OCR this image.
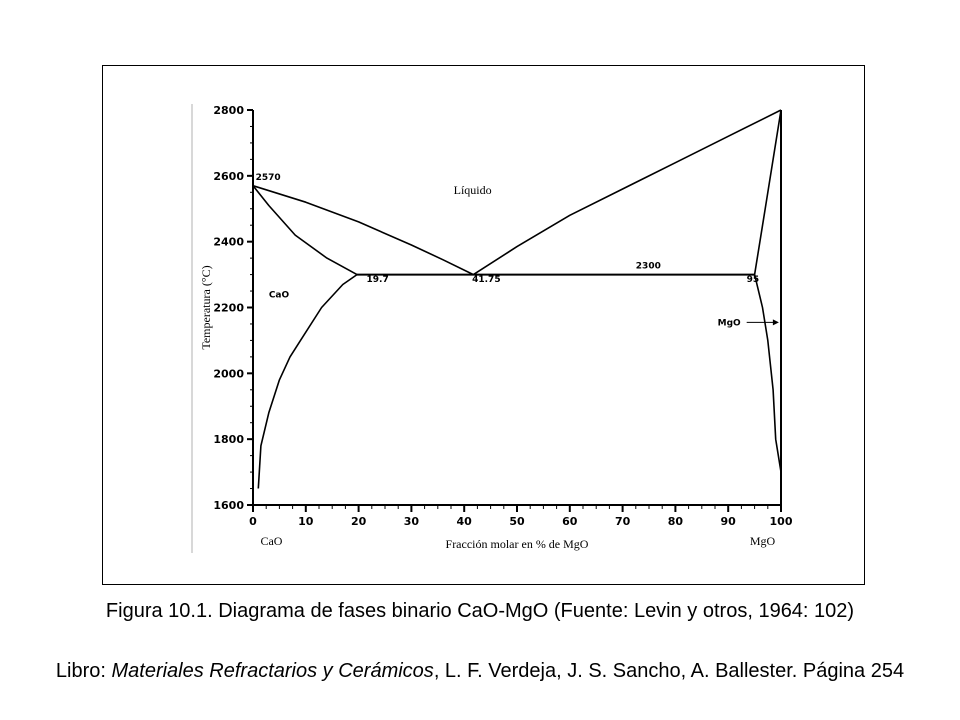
1600
1800
2000
2200
2400
2600
2800
0	10	20	30	40	50	60	70	80	90	100
Líquido
2570
19.7	41.75
2300
95
CaO
MgO
Temperatura (°C)
Fracción molar en % de MgO
CaO	MgO
Figura 10.1. Diagrama de fases binario CaO-MgO (Fuente: Levin y otros, 1964: 102)
Libro: Materiales Refractarios y Cerámicos, L. F. Verdeja, J. S. Sancho, A. Ballester. Página 254
